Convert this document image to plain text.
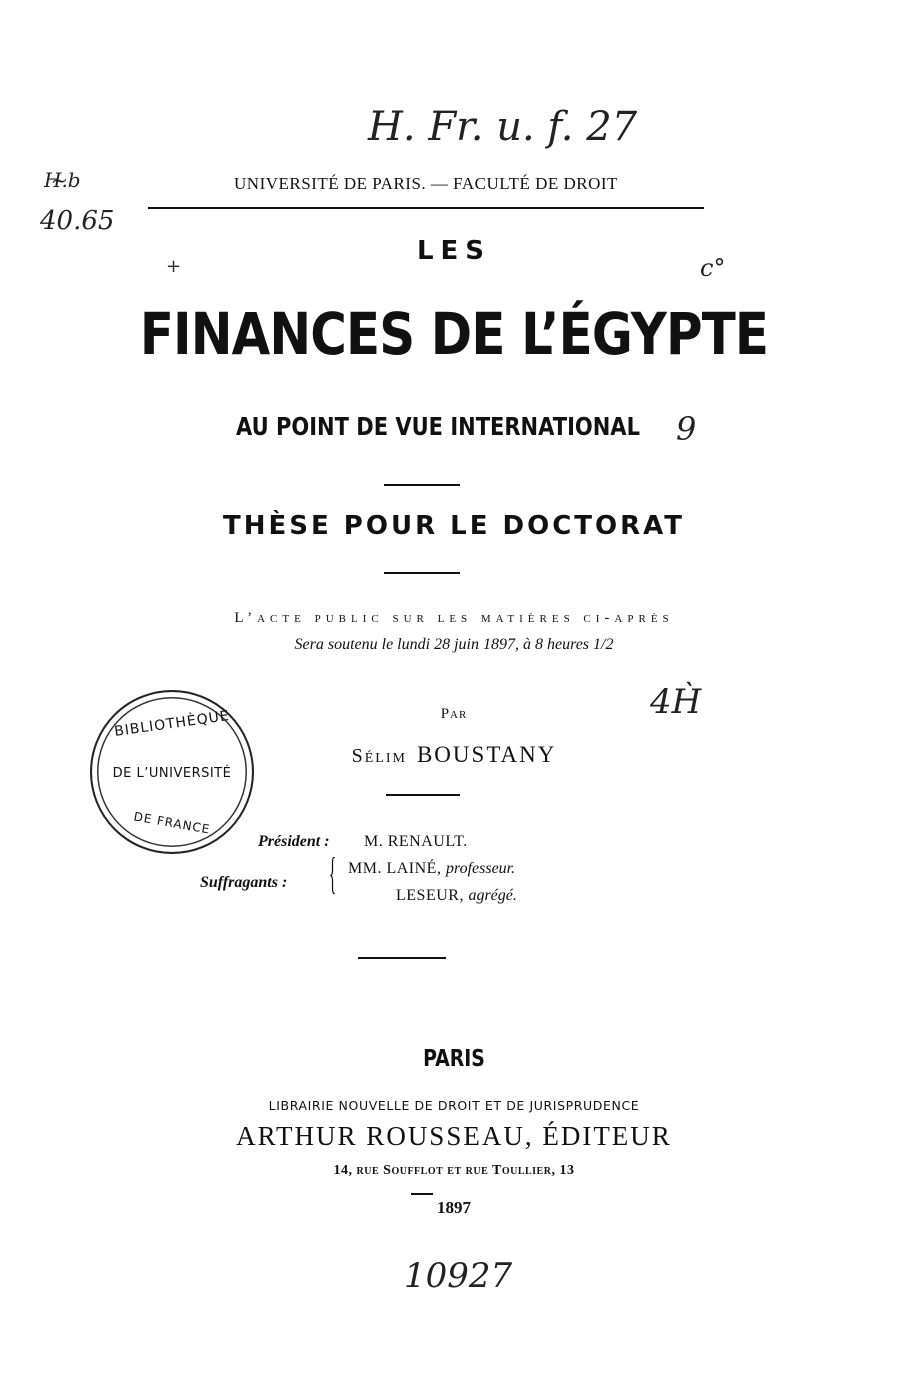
H. Fr. u. f. 27
H.̴b
40.65
c°
+
9
4H̀
10927
UNIVERSITÉ DE PARIS. — FACULTÉ DE DROIT
LES
FINANCES DE L’ÉGYPTE
AU POINT DE VUE INTERNATIONAL
THÈSE POUR LE DOCTORAT
L’acte public sur les matières ci-après
Sera soutenu le lundi 28 juin 1897, à 8 heures 1/2
BIBLIOTHÈQUE
DE L’UNIVERSITÉ
DE FRANCE
Par
Sélim BOUSTANY
Président : M. RENAULT.
Suffragants : { MM. LAINÉ, professeur.
LESEUR, agrégé.
PARIS
LIBRAIRIE NOUVELLE DE DROIT ET DE JURISPRUDENCE
ARTHUR ROUSSEAU, ÉDITEUR
14, rue Soufflot et rue Toullier, 13
1897
